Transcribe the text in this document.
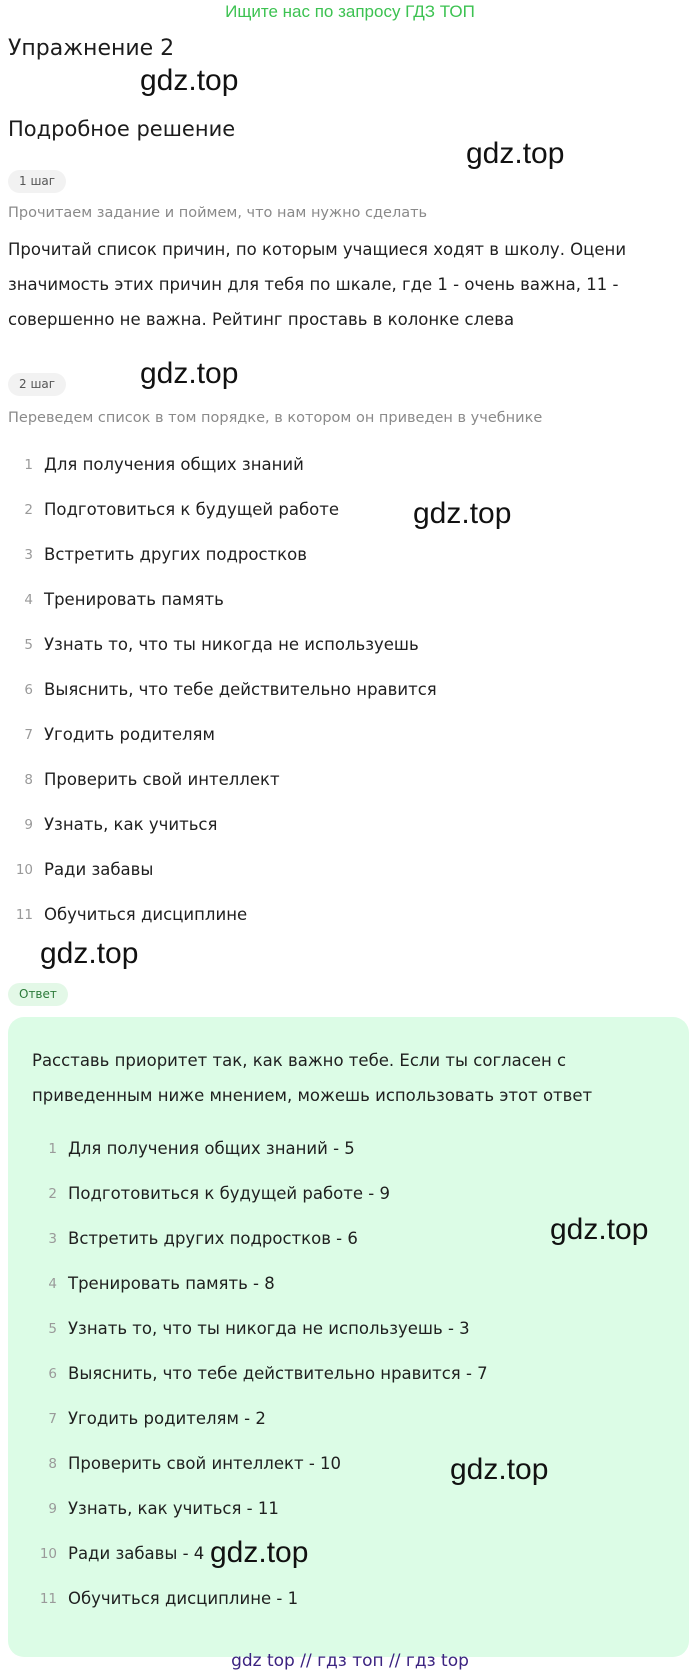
Ищите нас по запросу ГДЗ ТОП
Упражнение 2
gdz.top
Подробное решение
gdz.top
1 шаг
Прочитаем задание и поймем, что нам нужно сделать
Прочитай список причин, по которым учащиеся ходят в школу. Оцени
значимость этих причин для тебя по шкале, где 1 - очень важна, 11 -
совершенно не важна. Рейтинг проставь в колонке слева
2 шаг	gdz.top
Переведем список в том порядке, в котором он приведен в учебнике
1 Для получения общих знаний
2 Подготовиться к будущей работе
3 Встретить других подростков
4 Тренировать память
5 Узнать то, что ты никогда не используешь
6 Выяснить, что тебе действительно нравится
7 Угодить родителям
8 Проверить свой интеллект
9 Узнать, как учиться
10 Ради забавы
11 Обучиться дисциплине
gdz.top
gdz.top
Ответ
Расставь приоритет так, как важно тебе. Если ты согласен с
приведенным ниже мнением, можешь использовать этот ответ
1 Для получения общих знаний - 5
2 Подготовиться к будущей работе - 9
3 Встретить других подростков - 6
4 Тренировать память - 8
5 Узнать то, что ты никогда не используешь - 3
6 Выяснить, что тебе действительно нравится - 7
7 Угодить родителям - 2
8 Проверить свой интеллект - 10
9 Узнать, как учиться - 11
10 Ради забавы - 4
11 Обучиться дисциплине - 1
gdz.top
gdz.top
gdz.top
gdz top // гдз топ // гдз top
